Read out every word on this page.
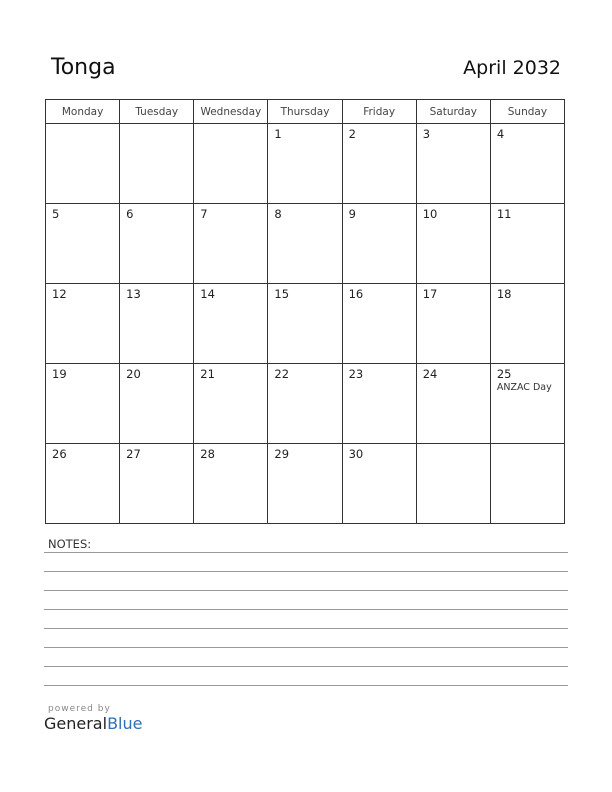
Tonga	April 2032
Monday	Tuesday	Wednesday	Thursday	Friday	Saturday	Sunday

			1	2	3	4

5	6	7	8	9	10	11

12	13	14	15	16	17	18

19	20	21	22	23	24	25
ANZAC Day

26	27	28	29	30		

NOTES:
powered by
GeneralBlue
